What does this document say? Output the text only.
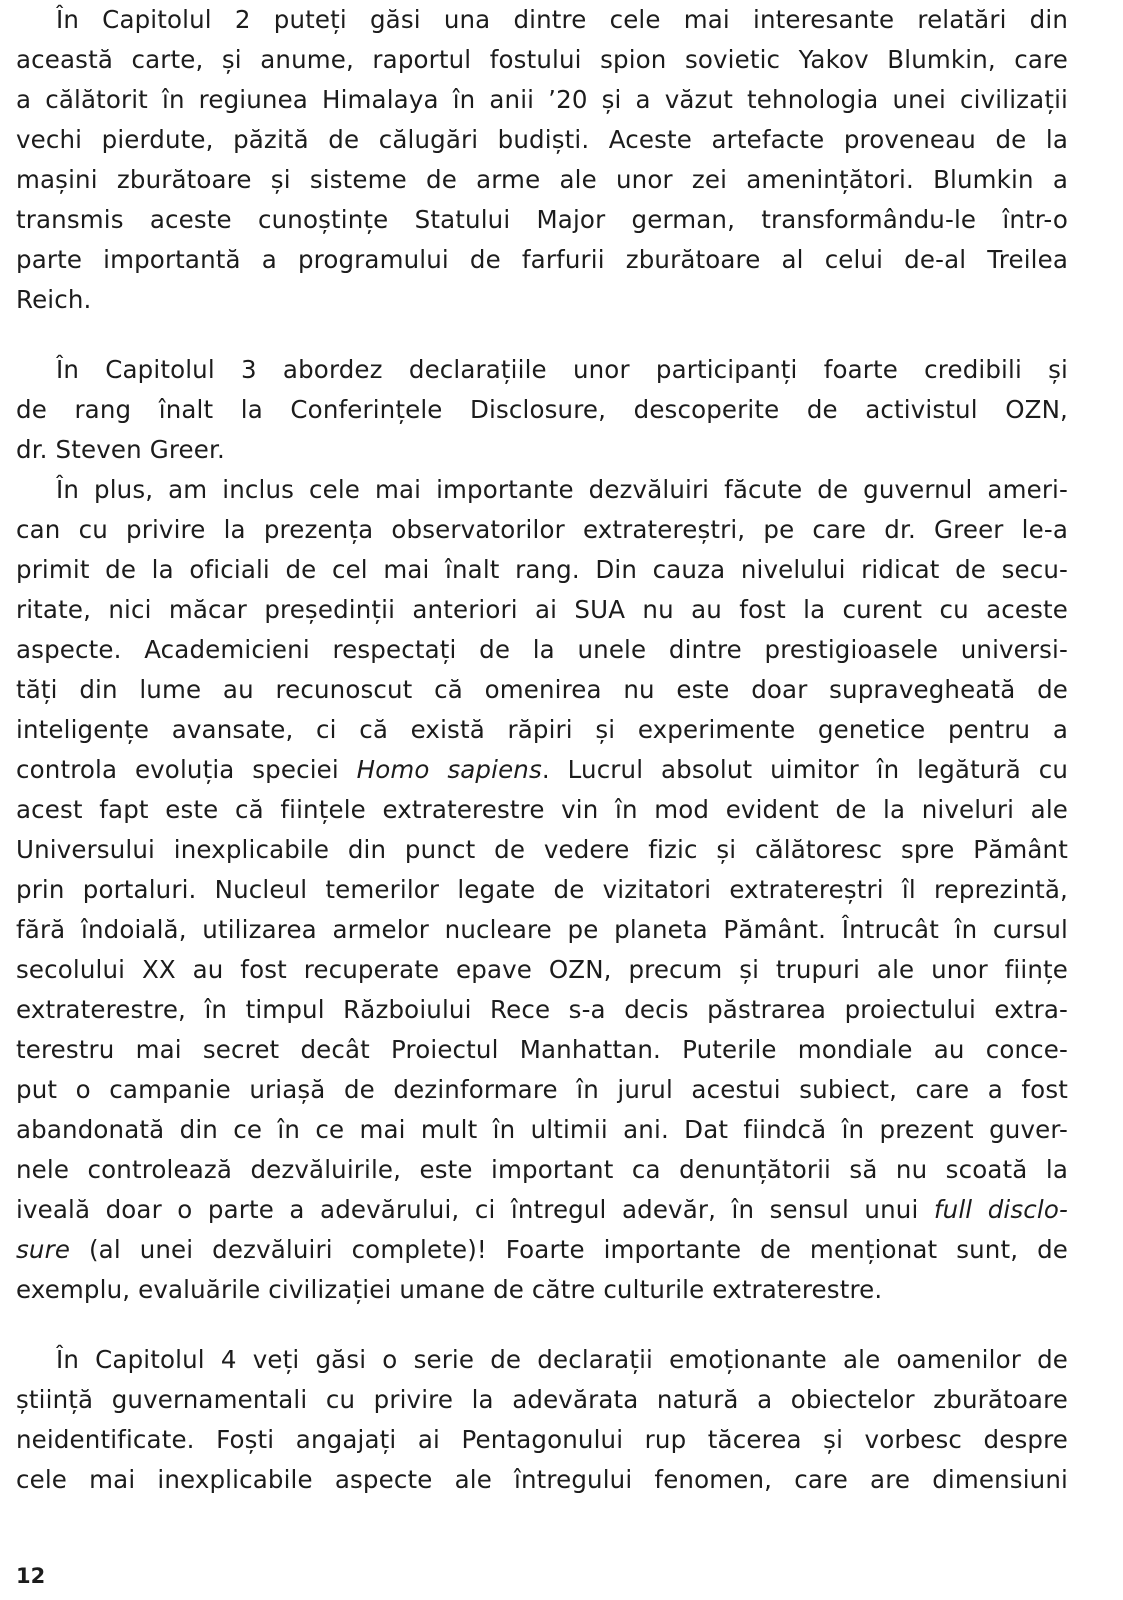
În Capitolul 2 puteți găsi una dintre cele mai interesante relatări din
această carte, și anume, raportul fostului spion sovietic Yakov Blumkin, care
a călătorit în regiunea Himalaya în anii ’20 și a văzut tehnologia unei civilizații
vechi pierdute, păzită de călugări budiști. Aceste artefacte proveneau de la
mașini zburătoare și sisteme de arme ale unor zei amenințători. Blumkin a
transmis aceste cunoștințe Statului Major german, transformându-le într-o
parte importantă a programului de farfurii zburătoare al celui de-al Treilea
Reich.
În Capitolul 3 abordez declarațiile unor participanți foarte credibili și
de rang înalt la Conferințele Disclosure, descoperite de activistul OZN,
dr. Steven Greer.
În plus, am inclus cele mai importante dezvăluiri făcute de guvernul ameri-
can cu privire la prezența observatorilor extratereștri, pe care dr. Greer le-a
primit de la oficiali de cel mai înalt rang. Din cauza nivelului ridicat de secu-
ritate, nici măcar președinții anteriori ai SUA nu au fost la curent cu aceste
aspecte. Academicieni respectați de la unele dintre prestigioasele universi-
tăți din lume au recunoscut că omenirea nu este doar supravegheată de
inteligențe avansate, ci că există răpiri și experimente genetice pentru a
controla evoluția speciei Homo sapiens. Lucrul absolut uimitor în legătură cu
acest fapt este că ființele extraterestre vin în mod evident de la niveluri ale
Universului inexplicabile din punct de vedere fizic și călătoresc spre Pământ
prin portaluri. Nucleul temerilor legate de vizitatori extratereștri îl reprezintă,
fără îndoială, utilizarea armelor nucleare pe planeta Pământ. Întrucât în cursul
secolului XX au fost recuperate epave OZN, precum și trupuri ale unor ființe
extraterestre, în timpul Războiului Rece s-a decis păstrarea proiectului extra-
terestru mai secret decât Proiectul Manhattan. Puterile mondiale au conce-
put o campanie uriașă de dezinformare în jurul acestui subiect, care a fost
abandonată din ce în ce mai mult în ultimii ani. Dat fiindcă în prezent guver-
nele controlează dezvăluirile, este important ca denunțătorii să nu scoată la
iveală doar o parte a adevărului, ci întregul adevăr, în sensul unui full disclo-
sure (al unei dezvăluiri complete)! Foarte importante de menționat sunt, de
exemplu, evaluările civilizației umane de către culturile extraterestre.
În Capitolul 4 veți găsi o serie de declarații emoționante ale oamenilor de
știință guvernamentali cu privire la adevărata natură a obiectelor zburătoare
neidentificate. Foști angajați ai Pentagonului rup tăcerea și vorbesc despre
cele mai inexplicabile aspecte ale întregului fenomen, care are dimensiuni
12
